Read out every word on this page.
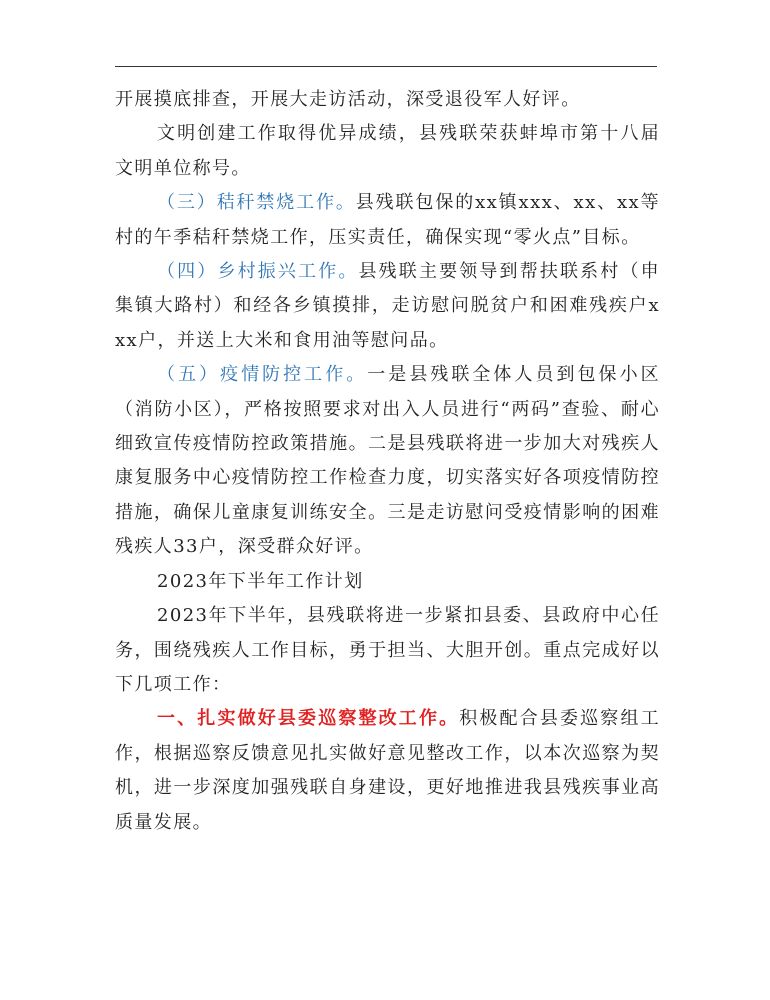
开展摸底排查，开展大走访活动，深受退役军人好评。

文明创建工作取得优异成绩，县残联荣获蚌埠市第十八届文明单位称号。

（三）秸秆禁烧工作。县残联包保的xx镇xxx、xx、xx等村的午季秸秆禁烧工作，压实责任，确保实现“零火点”目标。

（四）乡村振兴工作。县残联主要领导到帮扶联系村（申集镇大路村）和经各乡镇摸排，走访慰问脱贫户和困难残疾户xxx户，并送上大米和食用油等慰问品。

（五）疫情防控工作。一是县残联全体人员到包保小区（消防小区），严格按照要求对出入人员进行“两码”查验、耐心细致宣传疫情防控政策措施。二是县残联将进一步加大对残疾人康复服务中心疫情防控工作检查力度，切实落实好各项疫情防控措施，确保儿童康复训练安全。三是走访慰问受疫情影响的困难残疾人33户，深受群众好评。

2023年下半年工作计划

2023年下半年，县残联将进一步紧扣县委、县政府中心任务，围绕残疾人工作目标，勇于担当、大胆开创。重点完成好以下几项工作：

一、扎实做好县委巡察整改工作。积极配合县委巡察组工作，根据巡察反馈意见扎实做好意见整改工作，以本次巡察为契机，进一步深度加强残联自身建设，更好地推进我县残疾事业高质量发展。
